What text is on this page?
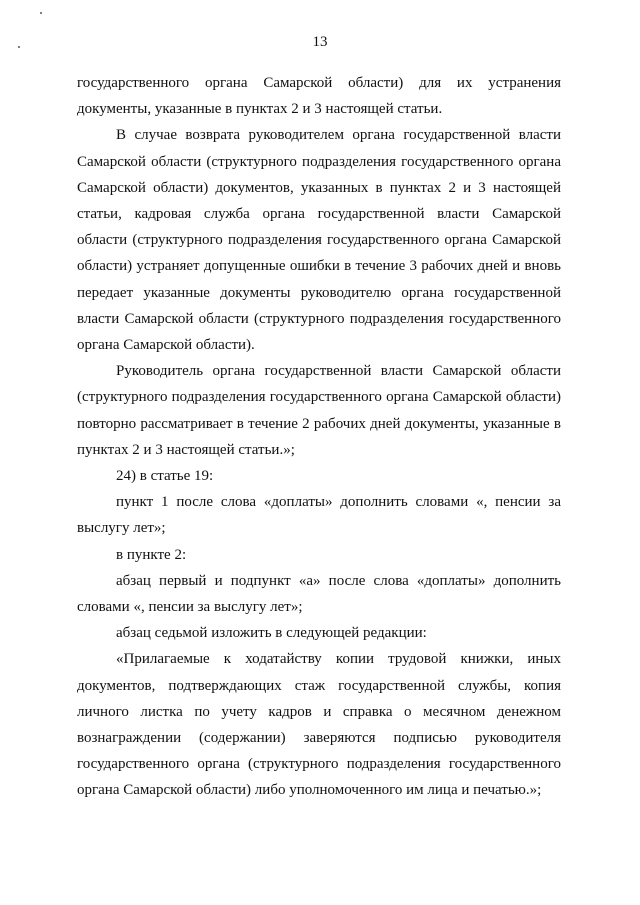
13

государственного органа Самарской области) для их устранения документы, указанные в пунктах 2 и 3 настоящей статьи.

В случае возврата руководителем органа государственной власти Самарской области (структурного подразделения государственного органа Самарской области) документов, указанных в пунктах 2 и 3 настоящей статьи, кадровая служба органа государственной власти Самарской области (структурного подразделения государственного органа Самарской области) устраняет допущенные ошибки в течение 3 рабочих дней и вновь передает указанные документы руководителю органа государственной власти Самарской области (структурного подразделения государственного органа Самарской области).

Руководитель органа государственной власти Самарской области (структурного подразделения государственного органа Самарской области) повторно рассматривает в течение 2 рабочих дней документы, указанные в пунктах 2 и 3 настоящей статьи.»;

24) в статье 19:

пункт 1 после слова «доплаты» дополнить словами «, пенсии за выслугу лет»;

в пункте 2:

абзац первый и подпункт «а» после слова «доплаты» дополнить словами «, пенсии за выслугу лет»;

абзац седьмой изложить в следующей редакции:

«Прилагаемые к ходатайству копии трудовой книжки, иных документов, подтверждающих стаж государственной службы, копия личного листка по учету кадров и справка о месячном денежном вознаграждении (содержании) заверяются подписью руководителя государственного органа (структурного подразделения государственного органа Самарской области) либо уполномоченного им лица и печатью.»;
